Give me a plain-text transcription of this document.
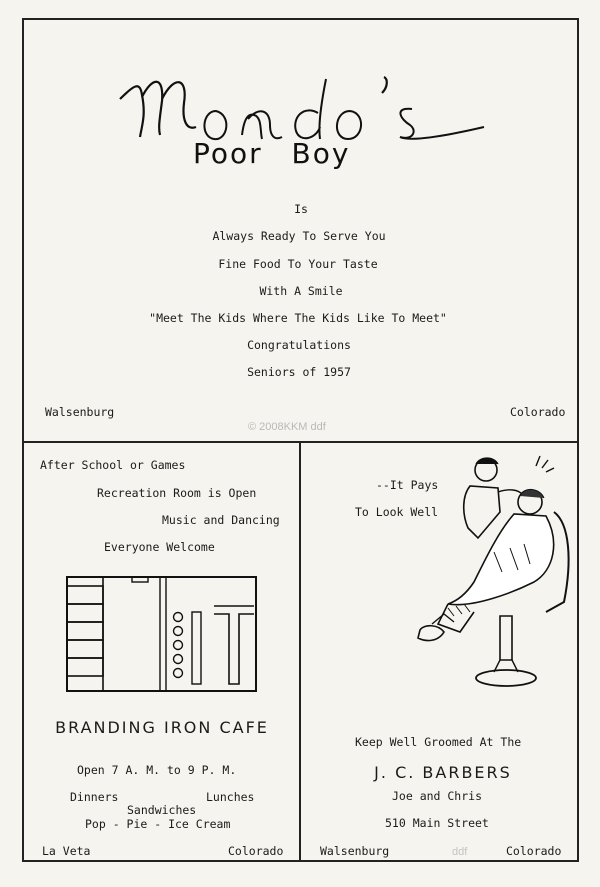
Mondo's
Poor Boy
Is
Always Ready To Serve You
Fine Food To Your Taste
With A Smile
"Meet The Kids Where The Kids Like To Meet"
Congratulations
Seniors of 1957
Walsenburg	Colorado
© 2008KKM ddf
After School or Games
Recreation Room is Open
Music and Dancing
Everyone Welcome
BRANDING IRON CAFE
Open 7 A. M. to 9 P. M.
Dinners	Lunches
Sandwiches
Pop - Pie - Ice Cream
La Veta	Colorado
--It Pays
To Look Well
Keep Well Groomed At The
J. C. BARBERS
Joe and Chris
510 Main Street
Walsenburg	Colorado
ddf
